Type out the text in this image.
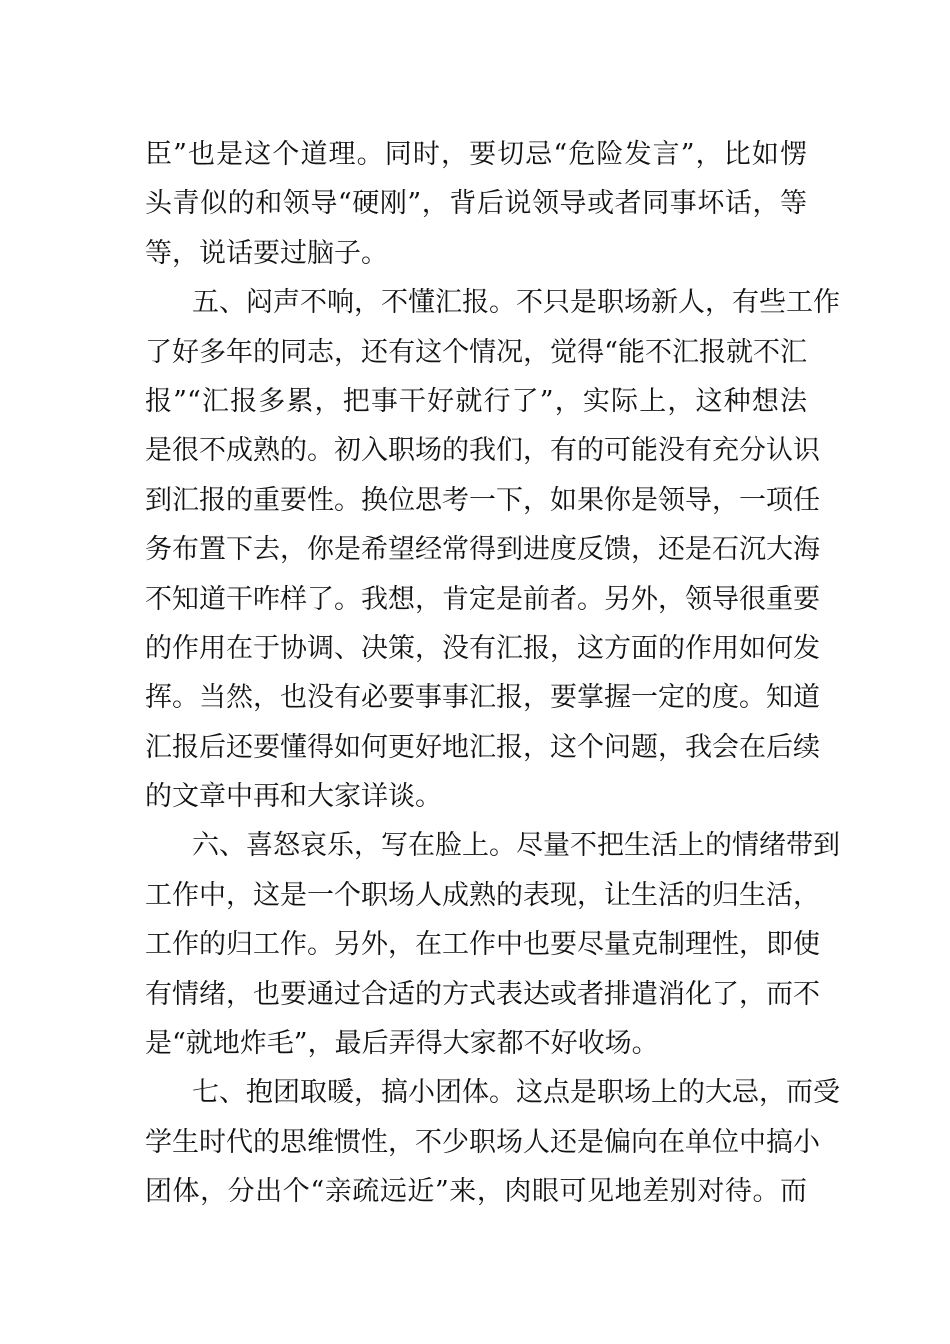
臣”也是这个道理。同时，要切忌“危险发言”，比如愣
头青似的和领导“硬刚”，背后说领导或者同事坏话，等
等，说话要过脑子。
五、闷声不响，不懂汇报。不只是职场新人，有些工作
了好多年的同志，还有这个情况，觉得“能不汇报就不汇
报”“汇报多累，把事干好就行了”，实际上，这种想法
是很不成熟的。初入职场的我们，有的可能没有充分认识
到汇报的重要性。换位思考一下，如果你是领导，一项任
务布置下去，你是希望经常得到进度反馈，还是石沉大海
不知道干咋样了。我想，肯定是前者。另外，领导很重要
的作用在于协调、决策，没有汇报，这方面的作用如何发
挥。当然，也没有必要事事汇报，要掌握一定的度。知道
汇报后还要懂得如何更好地汇报，这个问题，我会在后续
的文章中再和大家详谈。
六、喜怒哀乐，写在脸上。尽量不把生活上的情绪带到
工作中，这是一个职场人成熟的表现，让生活的归生活，
工作的归工作。另外，在工作中也要尽量克制理性，即使
有情绪，也要通过合适的方式表达或者排遣消化了，而不
是“就地炸毛”，最后弄得大家都不好收场。
七、抱团取暖，搞小团体。这点是职场上的大忌，而受
学生时代的思维惯性，不少职场人还是偏向在单位中搞小
团体，分出个“亲疏远近”来，肉眼可见地差别对待。而
